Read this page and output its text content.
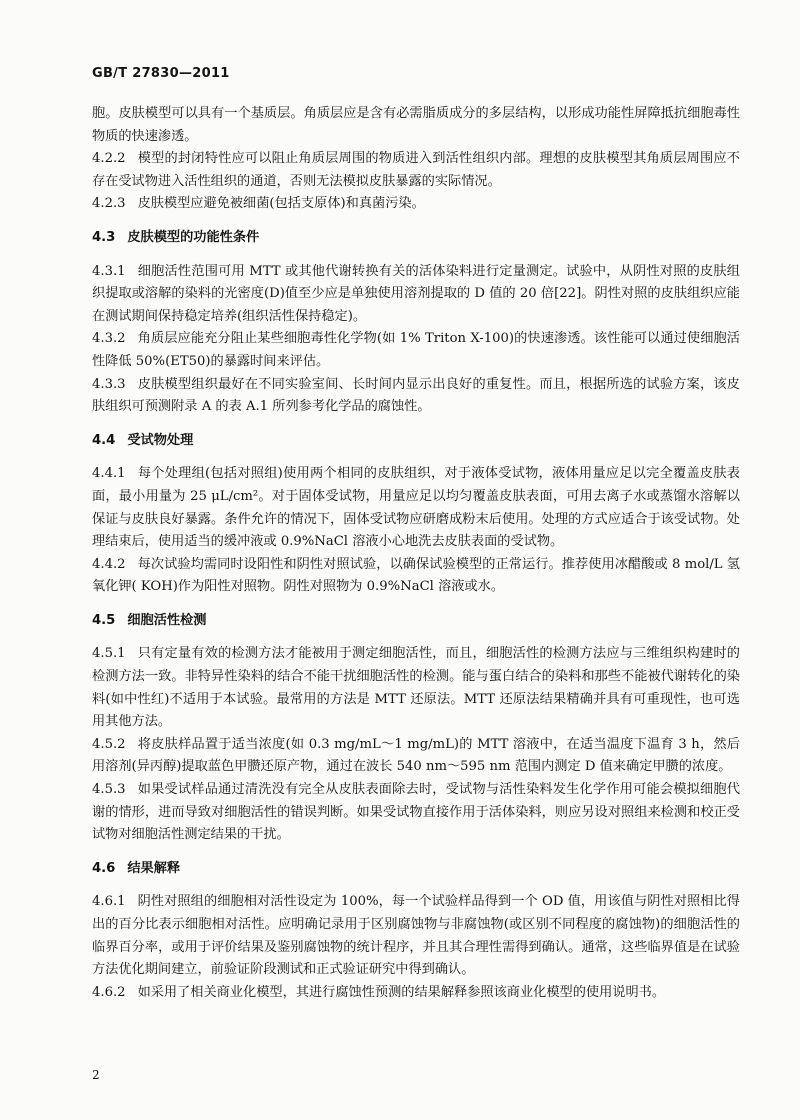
GB/T 27830—2011

胞。皮肤模型可以具有一个基质层。角质层应是含有必需脂质成分的多层结构，以形成功能性屏障抵抗细胞毒性物质的快速渗透。

4.2.2 模型的封闭特性应可以阻止角质层周围的物质进入到活性组织内部。理想的皮肤模型其角质层周围应不存在受试物进入活性组织的通道，否则无法模拟皮肤暴露的实际情况。

4.2.3 皮肤模型应避免被细菌(包括支原体)和真菌污染。

4.3 皮肤模型的功能性条件

4.3.1 细胞活性范围可用 MTT 或其他代谢转换有关的活体染料进行定量测定。试验中，从阴性对照的皮肤组织提取或溶解的染料的光密度(D)值至少应是单独使用溶剂提取的 D 值的 20 倍[22]。阴性对照的皮肤组织应能在测试期间保持稳定培养(组织活性保持稳定)。

4.3.2 角质层应能充分阻止某些细胞毒性化学物(如 1% Triton X-100)的快速渗透。该性能可以通过使细胞活性降低 50%(ET50)的暴露时间来评估。

4.3.3 皮肤模型组织最好在不同实验室间、长时间内显示出良好的重复性。而且，根据所选的试验方案，该皮肤组织可预测附录 A 的表 A.1 所列参考化学品的腐蚀性。

4.4 受试物处理

4.4.1 每个处理组(包括对照组)使用两个相同的皮肤组织，对于液体受试物，液体用量应足以完全覆盖皮肤表面，最小用量为 25 μL/cm²。对于固体受试物，用量应足以均匀覆盖皮肤表面，可用去离子水或蒸馏水溶解以保证与皮肤良好暴露。条件允许的情况下，固体受试物应研磨成粉末后使用。处理的方式应适合于该受试物。处理结束后，使用适当的缓冲液或 0.9%NaCl 溶液小心地洗去皮肤表面的受试物。

4.4.2 每次试验均需同时设阳性和阴性对照试验，以确保试验模型的正常运行。推荐使用冰醋酸或 8 mol/L 氢氧化钾( KOH)作为阳性对照物。阴性对照物为 0.9%NaCl 溶液或水。

4.5 细胞活性检测

4.5.1 只有定量有效的检测方法才能被用于测定细胞活性，而且，细胞活性的检测方法应与三维组织构建时的检测方法一致。非特异性染料的结合不能干扰细胞活性的检测。能与蛋白结合的染料和那些不能被代谢转化的染料(如中性红)不适用于本试验。最常用的方法是 MTT 还原法。MTT 还原法结果精确并具有可重现性，也可选用其他方法。

4.5.2 将皮肤样品置于适当浓度(如 0.3 mg/mL～1 mg/mL)的 MTT 溶液中，在适当温度下温育 3 h，然后用溶剂(异丙醇)提取蓝色甲臜还原产物，通过在波长 540 nm～595 nm 范围内测定 D 值来确定甲臜的浓度。

4.5.3 如果受试样品通过清洗没有完全从皮肤表面除去时，受试物与活性染料发生化学作用可能会模拟细胞代谢的情形，进而导致对细胞活性的错误判断。如果受试物直接作用于活体染料，则应另设对照组来检测和校正受试物对细胞活性测定结果的干扰。

4.6 结果解释

4.6.1 阴性对照组的细胞相对活性设定为 100%，每一个试验样品得到一个 OD 值，用该值与阴性对照相比得出的百分比表示细胞相对活性。应明确记录用于区别腐蚀物与非腐蚀物(或区别不同程度的腐蚀物)的细胞活性的临界百分率，或用于评价结果及鉴别腐蚀物的统计程序，并且其合理性需得到确认。通常，这些临界值是在试验方法优化期间建立，前验证阶段测试和正式验证研究中得到确认。

4.6.2 如采用了相关商业化模型，其进行腐蚀性预测的结果解释参照该商业化模型的使用说明书。

2
